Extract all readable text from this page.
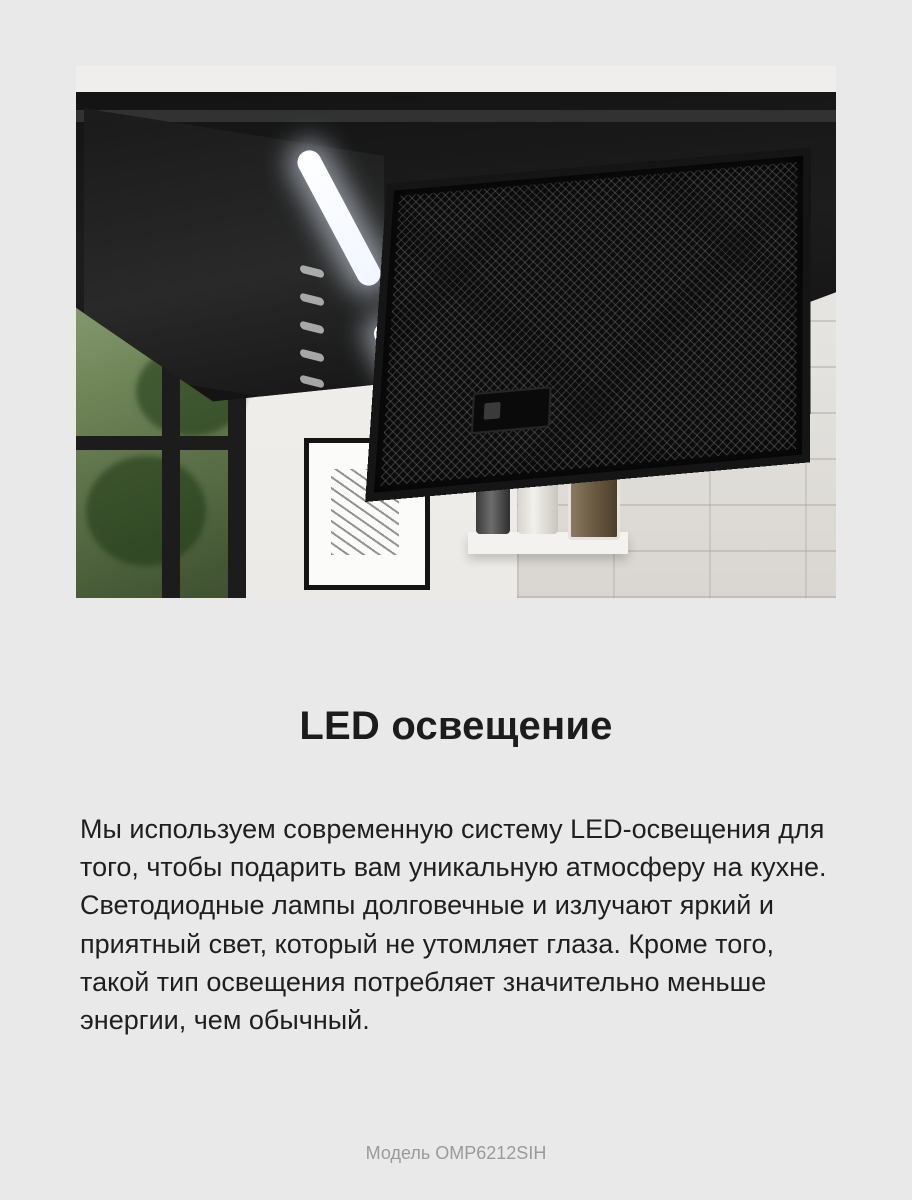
LED освещение

Мы используем современную систему LED-освещения для того, чтобы подарить вам уникальную атмосферу на кухне. Светодиодные лампы долговечные и излучают яркий и приятный свет, который не утомляет глаза. Кроме того, такой тип освещения потребляет значительно меньше энергии, чем обычный.

Модель OMP6212SIH
